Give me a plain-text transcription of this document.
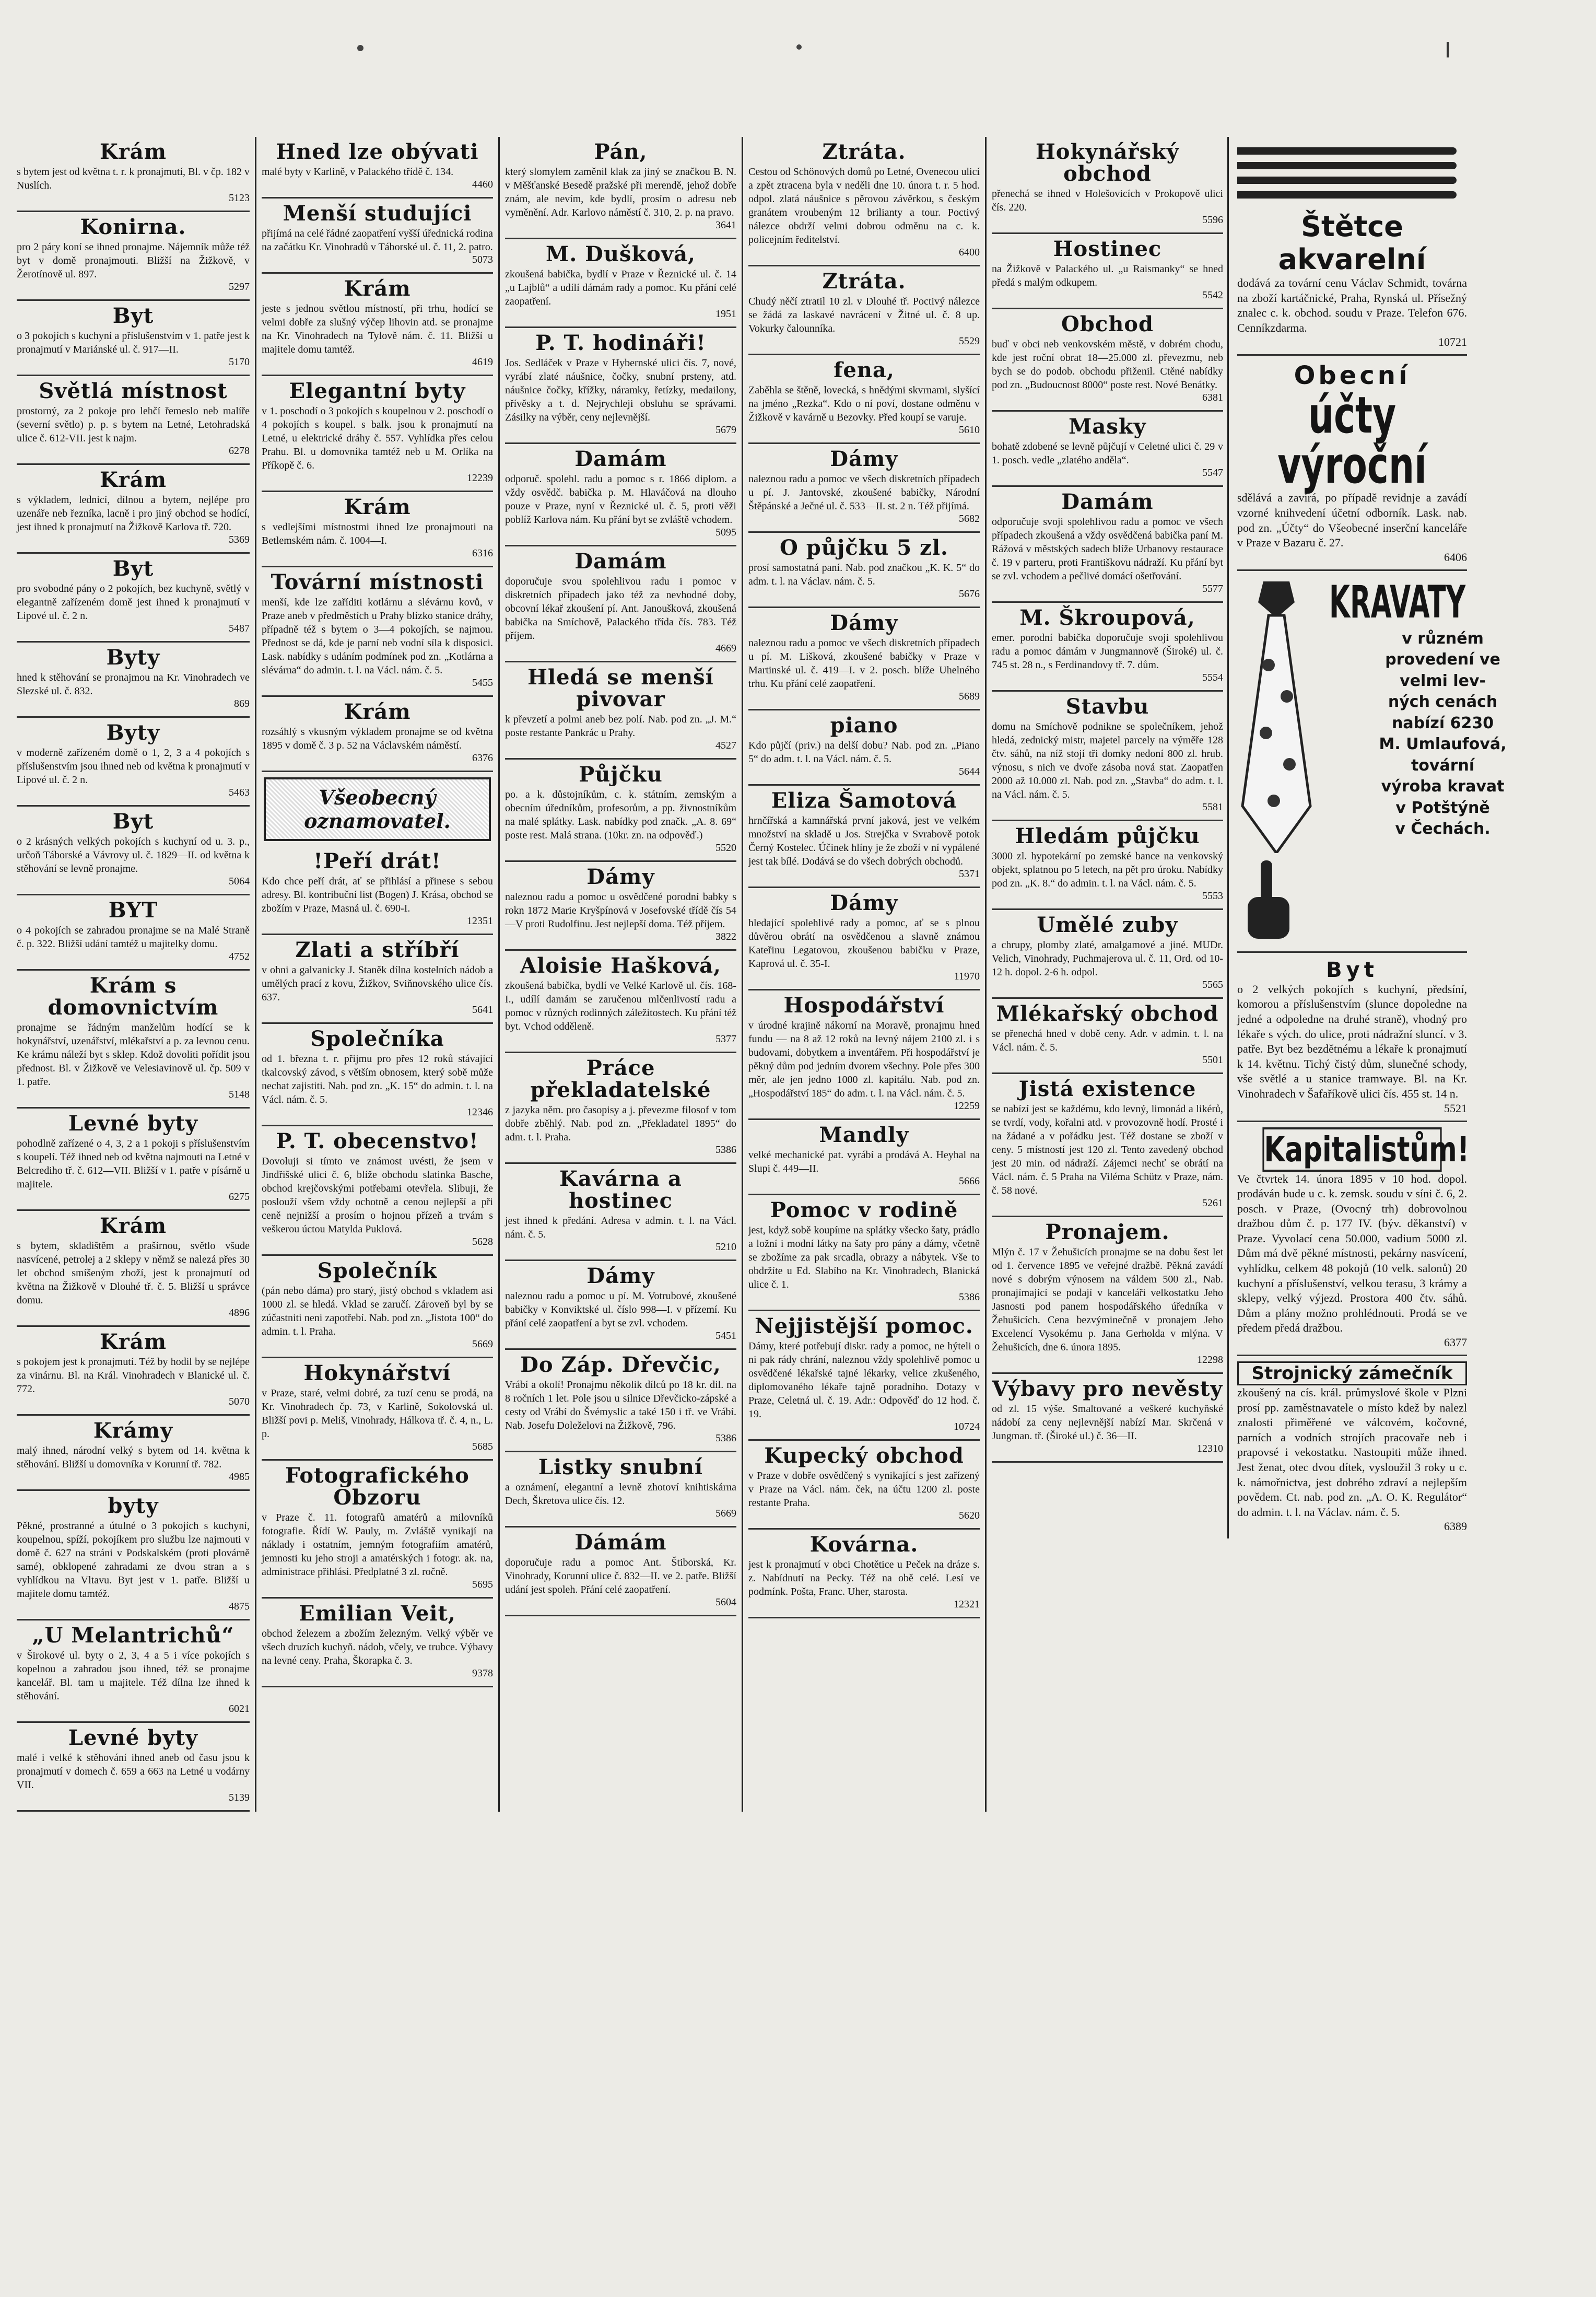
Krám

s bytem jest od května t. r. k pronajmutí, Bl. v čp. 182 v Nuslích.

5123
Konirna.

pro 2 páry koní se ihned pronajme. Nájemník může též byt v domě pronajmouti. Bližší na Žižkově, v Žerotínově ul. 897.

5297
Byt

o 3 pokojích s kuchyní a příslušenstvím v 1. patře jest k pronajmutí v Mariánské ul. č. 917—II.

5170
Světlá místnost

prostorný, za 2 pokoje pro lehčí řemeslo neb malíře (severní světlo) p. p. s bytem na Letné, Letohradská ulice č. 612-VII. jest k najm.

6278
Krám

s výkladem, lednicí, dílnou a bytem, nejlépe pro uzenáře neb řezníka, lacně i pro jiný obchod se hodící, jest ihned k pronajmutí na Žižkově Karlova tř. 720.

5369
Byt

pro svobodné pány o 2 pokojích, bez kuchyně, světlý v elegantně zařízeném domě jest ihned k pronajmutí v Lipové ul. č. 2 n.

5487
Byty

hned k stěhování se pronajmou na Kr. Vinohradech ve Slezské ul. č. 832.

869
Byty

v moderně zařízeném domě o 1, 2, 3 a 4 pokojích s příslušenstvím jsou ihned neb od května k pronajmutí v Lipové ul. č. 2 n.

5463
Byt

o 2 krásných velkých pokojích s kuchyní od u. 3. p., určoň Táborské a Vávrovy ul. č. 1829—II. od května k stěhování se levně pronajme.

5064
BYT

o 4 pokojích se zahradou pronajme se na Malé Straně č. p. 322. Bližší udání tamtéž u majitelky domu.

4752
Krám s domovnictvím

pronajme se řádným manželům hodící se k hokynářství, uzenářství, mlékařství a p. za levnou cenu. Ke krámu náleží byt s sklep. Kdož dovoliti pořídit jsou přednost. Bl. v Žižkově ve Velesiavinově ul. čp. 509 v 1. patře.

5148
Levné byty

pohodlně zařízené o 4, 3, 2 a 1 pokoji s příslušenstvím s koupelí. Též ihned neb od května najmouti na Letné v Belcrediho tř. č. 612—VII. Bližší v 1. patře v písárně u majitele.

6275
Krám

s bytem, skladištěm a prašírnou, světlo všude nasvícené, petrolej a 2 sklepy v němž se nalezá přes 30 let obchod smíšeným zboží, jest k pronajmutí od května na Žižkově v Dlouhé tř. č. 5. Bližší u správce domu.

4896
Krám

s pokojem jest k pronajmutí. Též by hodil by se nejlépe za vinárnu. Bl. na Král. Vinohradech v Blanické ul. č. 772.

5070
Krámy

malý ihned, národní velký s bytem od 14. května k stěhování. Bližší u domovníka v Korunní tř. 782.

4985
byty

Pěkné, prostranné a útulné o 3 pokojích s kuchyní, koupelnou, spíží, pokojíkem pro službu lze najmouti v domě č. 627 na stráni v Podskalském (proti plovárně samé), obklopené zahradami ze dvou stran a s vyhlídkou na Vltavu. Byt jest v 1. patře. Bližší u majitele domu tamtéž.

4875
„U Melantrichů“

v Širokové ul. byty o 2, 3, 4 a 5 i více pokojích s kopelnou a zahradou jsou ihned, též se pronajme kancelář. Bl. tam u majitele. Též dílna lze ihned k stěhování.

6021
Levné byty

malé i velké k stěhování ihned aneb od času jsou k pronajmutí v domech č. 659 a 663 na Letné u vodárny VII.

5139
Hned lze obývati

malé byty v Karlině, v Palackého třídě č. 134.

4460
Menší studujíci

přijímá na celé řádné zaopatření vyšší úřednická rodina na začátku Kr. Vinohradů v Táborské ul. č. 11, 2. patro.

5073
Krám

jeste s jednou světlou místností, při trhu, hodící se velmi dobře za slušný výčep lihovin atd. se pronajme na Kr. Vinohradech na Tylově nám. č. 11. Bližší u majitele domu tamtéž.

4619
Elegantní byty

v 1. poschodí o 3 pokojích s koupelnou v 2. poschodí o 4 pokojích s koupel. s balk. jsou k pronajmutí na Letné, u elektrické dráhy č. 557. Vyhlídka přes celou Prahu. Bl. u domovníka tamtéž neb u M. Orlíka na Příkopě č. 6.

12239
Krám

s vedlejšími místnostmi ihned lze pronajmouti na Betlemském nám. č. 1004—I.

6316
Tovární místnosti

menší, kde lze zaříditi kotlárnu a slévárnu kovů, v Praze aneb v předměstích u Prahy blízko stanice dráhy, případně též s bytem o 3—4 pokojích, se najmou. Přednost se dá, kde je parní neb vodní síla k disposici. Lask. nabídky s udáním podmínek pod zn. „Kotlárna a slévárna“ do admin. t. l. na Václ. nám. č. 5.

5455
Krám

rozsáhlý s vkusným výkladem pronajme se od května 1895 v domě č. 3 p. 52 na Václavském náměstí.

6376
Všeobecný oznamovatel.
!Peří drát!

Kdo chce peří drát, ať se přihlásí a přinese s sebou adresy. Bl. kontribuční list (Bogen) J. Krása, obchod se zbožím v Praze, Masná ul. č. 690-I.

12351
Zlati a stříbří

v ohni a galvanicky J. Staněk dílna kostelních nádob a umělých prací z kovu, Žižkov, Sviňnovského ulice čís. 637.

5641
Společníka

od 1. března t. r. přijmu pro přes 12 roků stávající tkalcovský závod, s větším obnosem, který sobě může nechat zajistiti. Nab. pod zn. „K. 15“ do admin. t. l. na Václ. nám. č. 5.

12346
P. T. obecenstvo!

Dovoluji si tímto ve známost uvésti, že jsem v Jindřišské ulici č. 6, blíže obchodu slatinka Basche, obchod krejčovskými potřebami otevřela. Slibuji, že poslouží všem vždy ochotně a cenou nejlepší a při ceně nejnižší a prosím o hojnou přízeň a trvám s veškerou úctou Matylda Puklová.

5628
Společník

(pán nebo dáma) pro starý, jistý obchod s vkladem asi 1000 zl. se hledá. Vklad se zaručí. Zároveň byl by se zúčastniti neni zapotřebí. Nab. pod zn. „Jistota 100“ do admin. t. l. Praha.

5669
Hokynářství

v Praze, staré, velmi dobré, za tuzí cenu se prodá, na Kr. Vinohradech čp. 73, v Karlině, Sokolovská ul. Bližší povi p. Meliš, Vinohrady, Hálkova tř. č. 4, n., L. p.

5685
Fotografického Obzoru

v Praze č. 11. fotografů amatérů a milovníků fotografie. Řídí W. Pauly, m. Zvláště vynikají na náklady i ostatním, jemným fotografiím amatérů, jemnosti ku jeho stroji a amatérských i fotogr. ak. na, administrace přihlásí. Předplatné 3 zl. ročně.

5695
Emilian Veit,

obchod železem a zbožím železným. Velký výběr ve všech druzích kuchyň. nádob, včely, ve trubce. Výbavy na levné ceny. Praha, Škorapka č. 3.

9378
Pán,

který slomylem zaměnil klak za jiný se značkou B. N. v Měšťanské Besedě pražské při merendě, jehož dobře znám, ale nevím, kde bydlí, prosím o adresu neb vyměnění. Adr. Karlovo náměstí č. 310, 2. p. na pravo.

3641
M. Dušková,

zkoušená babička, bydlí v Praze v Řeznické ul. č. 14 „u Lajblů“ a udílí dámám rady a pomoc. Ku přání celé zaopatření.

1951
P. T. hodináři!

Jos. Sedláček v Praze v Hybernské ulici čís. 7, nové, vyrábí zlaté náušnice, čočky, snubní prsteny, atd. náušnice čočky, křížky, náramky, řetízky, medailony, přívěsky a t. d. Nejrychleji obsluhu se správami. Zásilky na výběr, ceny nejlevnější.

5679
Damám

odporuč. spolehl. radu a pomoc s r. 1866 diplom. a vždy osvědč. babička p. M. Hlaváčová na dlouho pouze v Praze, nyní v Řeznické ul. č. 5, proti věži poblíž Karlova nám. Ku přání byt se zvláště vchodem.

5095
Damám

doporučuje svou spolehlivou radu i pomoc v diskretních případech jako též za nevhodné doby, obcovní lékař zkoušení pí. Ant. Janoušková, zkoušená babička na Smíchově, Palackého třída čís. 783. Též příjem.

4669
Hledá se menší pivovar

k převzetí a polmi aneb bez polí. Nab. pod zn. „J. M.“ poste restante Pankrác u Prahy.

4527
Půjčku

po. a k. důstojníkům, c. k. státním, zemským a obecním úředníkům, profesorům, a pp. živnostníkům na malé splátky. Lask. nabídky pod značk. „A. 8. 69“ poste rest. Malá strana. (10kr. zn. na odpověď.)

5520
Dámy

naleznou radu a pomoc u osvědčené porodní babky s rokn 1872 Marie Kryšpínová v Josefovské třídě čís 54—V proti Rudolfinu. Jest nejlepší doma. Též příjem.

3822
Aloisie Hašková,

zkoušená babička, bydlí ve Velké Karlově ul. čís. 168-I., udílí damám se zaručenou mlčenlivostí radu a pomoc v různých rodinných záležitostech. Ku přání též byt. Vchod odděleně.

5377
Práce překladatelské

z jazyka něm. pro časopisy a j. převezme filosof v tom dobře zběhlý. Nab. pod zn. „Překladatel 1895“ do adm. t. l. Praha.

5386
Kavárna a hostinec

jest ihned k předání. Adresa v admin. t. l. na Václ. nám. č. 5.

5210
Dámy

naleznou radu a pomoc u pí. M. Votrubové, zkoušené babičky v Konviktské ul. číslo 998—I. v přízemí. Ku přání celé zaopatření a byt se zvl. vchodem.

5451
Do Záp. Dřevčic,

Vrábí a okolí! Pronajmu několik dílců po 18 kr. dil. na 8 ročních 1 let. Pole jsou u silnice Dřevčicko-zápské a cesty od Vrábí do Švémyslic a také 150 i tř. ve Vrábí. Nab. Josefu Doleželovi na Žižkově, 796.

5386
Listky snubní

a oznámení, elegantní a levně zhotoví knihtiskárna Dech, Škretova ulice čís. 12.

5669
Dámám

doporučuje radu a pomoc Ant. Štiborská, Kr. Vinohrady, Korunní ulice č. 832—II. ve 2. patře. Bližší udání jest spoleh. Přání celé zaopatření.

5604
Ztráta.

Cestou od Schönových domů po Letné, Ovenecou ulicí a zpět ztracena byla v neděli dne 10. února t. r. 5 hod. odpol. zlatá náušnice s pěrovou závěrkou, s českým granátem vroubeným 12 brilianty a tour. Poctivý nálezce obdrží velmi dobrou odměnu na c. k. policejním ředitelství.

6400
Ztráta.

Chudý něčí ztratil 10 zl. v Dlouhé tř. Poctivý nálezce se žádá za laskavé navrácení v Žitné ul. č. 8 up. Vokurky čalounníka.

5529
fena,

Zaběhla se štěně, lovecká, s hnědými skvrnami, slyšící na jméno „Rezka“. Kdo o ní poví, dostane odměnu v Žižkově v kavárně u Bezovky. Před koupí se varuje.

5610
Dámy

naleznou radu a pomoc ve všech diskretních případech u pí. J. Jantovské, zkoušené babičky, Národní Štěpánské a Ječné ul. č. 533—II. st. 2 n. Též přijímá.

5682
O půjčku 5 zl.

prosí samostatná paní. Nab. pod značkou „K. K. 5“ do adm. t. l. na Václav. nám. č. 5.

5676
Dámy

naleznou radu a pomoc ve všech diskretních případech u pí. M. Lišková, zkoušené babičky v Praze v Martinské ul. č. 419—I. v 2. posch. blíže Uhelného trhu. Ku přání celé zaopatření.

5689
piano

Kdo půjčí (priv.) na delší dobu? Nab. pod zn. „Piano 5“ do adm. t. l. na Václ. nám. č. 5.

5644
Eliza Šamotová

hrnčířská a kamnářská první jaková, jest ve velkém množství na skladě u Jos. Strejčka v Svrabově potok Černý Kostelec. Účinek hlíny je že zboží v ní vypálené jest tak bílé. Dodává se do všech dobrých obchodů.

5371
Dámy

hledající spolehlivé rady a pomoc, ať se s plnou důvěrou obrátí na osvědčenou a slavně známou Kateřinu Legatovou, zkoušenou babičku v Praze, Kaprová ul. č. 35-I.

11970
Hospodářství

v úrodné krajině nákorní na Moravě, pronajmu hned fundu — na 8 až 12 roků na levný nájem 2100 zl. i s budovami, dobytkem a inventářem. Při hospodářství je pěkný dům pod jedním dvorem všechny. Pole přes 300 měr, ale jen jedno 1000 zl. kapitálu. Nab. pod zn. „Hospodářství 185“ do adm. t. l. na Václ. nám. č. 5.

12259
Mandly

velké mechanické pat. vyrábí a prodává A. Heyhal na Slupi č. 449—II.

5666
Pomoc v rodině

jest, když sobě koupíme na splátky všecko šaty, prádlo a ložní i modní látky na šaty pro pány a dámy, včetně se zbožíme za pak srcadla, obrazy a nábytek. Vše to obdržíte u Ed. Slabího na Kr. Vinohradech, Blanická ulice č. 1.

5386
Nejjistější pomoc.

Dámy, které potřebují diskr. rady a pomoc, ne hýteli o ni pak rády chrání, naleznou vždy spolehlivě pomoc u osvědčené lékařské tajné lékarky, velice zkušeného, diplomovaného lékaře tajně poradního. Dotazy v Praze, Celetná ul. č. 19. Adr.: Odpověď do 12 hod. č. 19.

10724
Kupecký obchod

v Praze v dobře osvědčený s vynikající s jest zařízený v Praze na Václ. nám. ček, na účtu 1200 zl. poste restante Praha.

5620
Kovárna.

jest k pronajmutí v obci Chotětice u Peček na dráze s. z. Nabídnutí na Pecky. Též na obě celé. Lesí ve podmínk. Pošta, Franc. Uher, starosta.

12321
Hokynářský obchod

přenechá se ihned v Holešovicích v Prokopově ulici čís. 220.

5596
Hostinec

na Žižkově v Palackého ul. „u Raismanky“ se hned předá s malým odkupem.

5542
Obchod

buď v obci neb venkovském městě, v dobrém chodu, kde jest roční obrat 18—25.000 zl. převezmu, neb bych se do podob. obchodu přiženil. Ctěné nabídky pod zn. „Budoucnost 8000“ poste rest. Nové Benátky.

6381
Masky

bohatě zdobené se levně půjčují v Celetné ulici č. 29 v 1. posch. vedle „zlatého anděla“.

5547
Damám

odporučuje svoji spolehlivou radu a pomoc ve všech případech zkoušená a vždy osvědčená babička paní M. Rážová v městských sadech blíže Urbanovy restaurace č. 19 v parteru, proti Františkovu nádraží. Ku přání byt se zvl. vchodem a pečlivé domácí ošetřování.

5577
M. Škroupová,

emer. porodní babička doporučuje svoji spolehlivou radu a pomoc dámám v Jungmannově (Široké) ul. č. 745 st. 28 n., s Ferdinandovy tř. 7. dům.

5554
Stavbu

domu na Smíchově podnikne se společníkem, jehož hledá, zednický mistr, majetel parcely na výměře 128 čtv. sáhů, na níž stojí tři domky nedoní 800 zl. hrub. výnosu, s nich ve dvoře zásoba nová stat. Zaopatřen 2000 až 10.000 zl. Nab. pod zn. „Stavba“ do adm. t. l. na Václ. nám. č. 5.

5581
Hledám půjčku

3000 zl. hypotekární po zemské bance na venkovský objekt, splatnou po 5 letech, na pět pro úroku. Nabídky pod zn. „K. 8.“ do admin. t. l. na Václ. nám. č. 5.

5553
Umělé zuby

a chrupy, plomby zlaté, amalgamové a jiné. MUDr. Velich, Vinohrady, Puchmajerova ul. č. 11, Ord. od 10-12 h. dopol. 2-6 h. odpol.

5565
Mlékařský obchod

se přenechá hned v době ceny. Adr. v admin. t. l. na Václ. nám. č. 5.

5501
Jistá existence

se nabízí jest se každému, kdo levný, limonád a likérů, se tvrdí, vody, kořalni atd. v provozovně hodí. Prosté i na žádané a v pořádku jest. Též dostane se zboží v ceny. 5 místností jest 120 zl. Tento zavedený obchod jest 20 min. od nádraží. Zájemci nechť se obrátí na Václ. nám. č. 5 Praha na Viléma Schütz v Praze, nám. č. 58 nové.

5261
Pronajem.

Mlýn č. 17 v Žehušicích pronajme se na dobu šest let od 1. července 1895 ve veřejné dražbě. Pěkná zavádí nové s dobrým výnosem na váldem 500 zl., Nab. pronajímající se podají v kanceláři velkostatku Jeho Jasnosti pod panem hospodářského úředníka v Žehušicích. Cena bezvýminečně v pronajem Jeho Excelencí Vysokému p. Jana Gerholda v mlýna. V Žehušicích, dne 6. února 1895.

12298
Výbavy pro nevěsty

od zl. 15 výše. Smaltované a veškeré kuchyňské nádobí za ceny nejlevnější nabízí Mar. Skrčená v Jungman. tř. (Široké ul.) č. 36—II.

12310
Štětce akvarelní

dodává za tovární cenu Václav Schmidt, továrna na zboží kartáčnické, Praha, Rynská ul. Přísežný znalec c. k. obchod. soudu v Praze. Telefon 676. Cenníkzdarma.

10721
Obecní
účty výroční

sdělává a zavírá, po případě revidnje a zavádí vzorné knihvedení účetní odborník. Lask. nab. pod zn. „Účty“ do Všeobecné inserční kanceláře v Praze v Bazaru č. 27.

6406

KRAVATY
v různém
provedení ve
velmi lev-
ných cenách
nabízí 6230
M. Umlaufová,
tovární
výroba kravat
v Potštýně
v Čechách.
Byt

o 2 velkých pokojích s kuchyní, předsíní, komorou a příslušenstvím (slunce dopoledne na jedné a odpoledne na druhé straně), vhodný pro lékaře s vých. do ulice, proti nádražní sluncí. v 3. patře. Byt bez bezdětnému a lékaře k pronajmutí k 14. květnu. Tichý čistý dům, slunečné schody, vše světlé a u stanice tramwaye. Bl. na Kr. Vinohradech v Šafaříkově ulici čís. 455 st. 14 n.

5521
Kapitalistům!

Ve čtvrtek 14. února 1895 v 10 hod. dopol. prodáván bude u c. k. zemsk. soudu v síni č. 6, 2. posch. v Praze, (Ovocný trh) dobrovolnou dražbou dům č. p. 177 IV. (býv. děkanství) v Praze. Vyvolací cena 50.000, vadium 5000 zl. Dům má dvě pěkné místnosti, pekárny nasvícení, vyhlídku, celkem 48 pokojů (10 velk. salonů) 20 kuchyní a příslušenství, velkou terasu, 3 krámy a sklepy, velký výjezd. Prostora 400 čtv. sáhů. Dům a plány možno prohlédnouti. Prodá se ve předem předá dražbou.

6377
Strojnický zámečník

zkoušený na cís. král. průmyslové škole v Plzni prosí pp. zaměstnavatele o místo kdež by nalezl znalosti přiměřené ve válcovém, kočovné, parních a vodních strojích pracovaře neb i prapovsé i vekostatku. Nastoupiti může ihned. Jest ženat, otec dvou dítek, vysloužil 3 roky u c. k. námořnictva, jest dobrého zdraví a nejlepším povědem. Ct. nab. pod zn. „A. O. K. Regulátor“ do admin. t. l. na Václav. nám. č. 5.

6389
